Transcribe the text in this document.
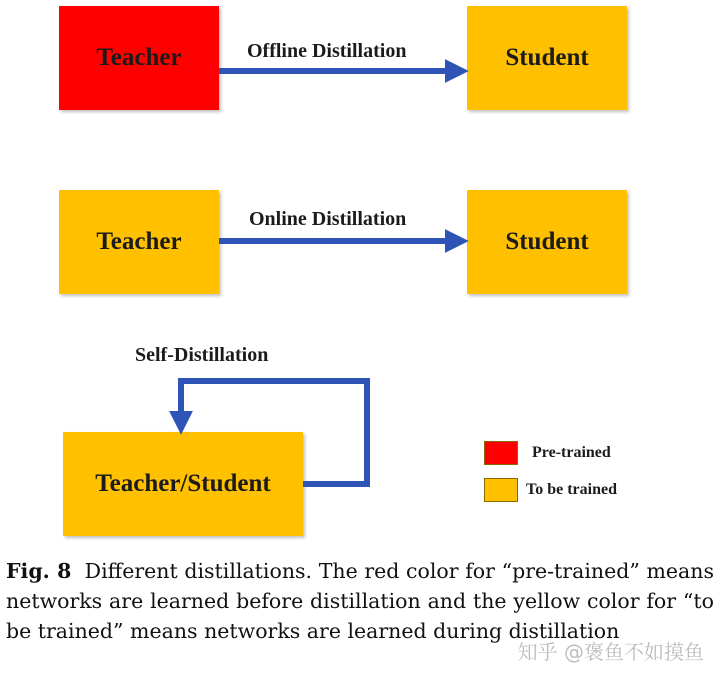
Teacher	Offline Distillation	Student
Teacher
Online Distillation
Student
Self-Distillation
Teacher/Student
Pre-trained
To be trained
Fig. 8 Different distillations. The red color for “pre-trained” means networks are learned before distillation and the yellow color for “to be trained” means networks are learned during distillation
知乎 @褒鱼不如摸鱼
